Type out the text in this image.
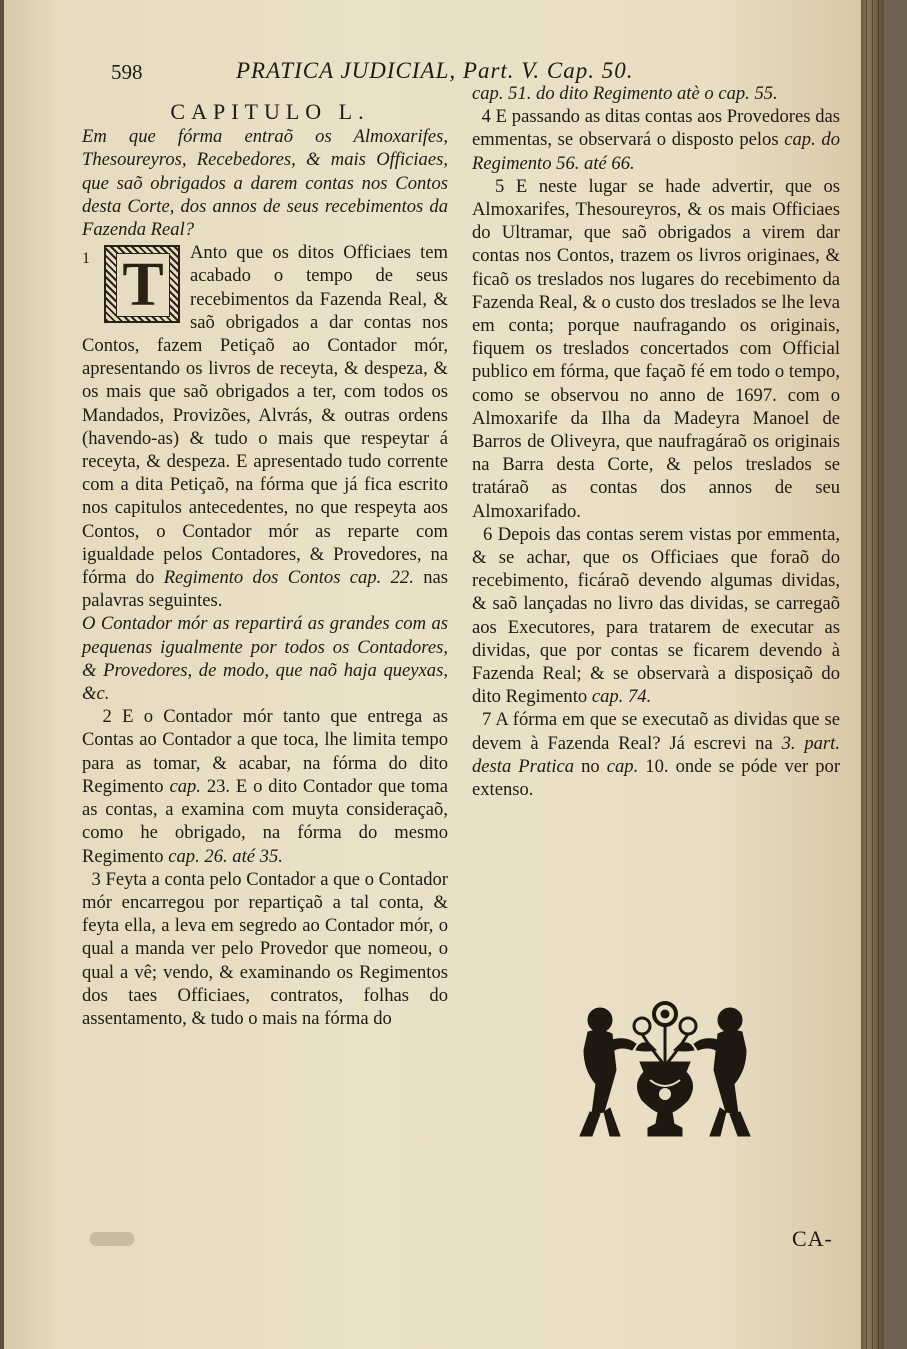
598	PRATICA JUDICIAL, Part. V. Cap. 50.
CAPITULO L.

Em que fórma entraõ os Almoxarifes, Thesoureyros, Recebedores, & mais Officiaes, que saõ obrigados a darem contas nos Contos desta Corte, dos annos de seus recebimentos da Fazenda Real?

1 T	Anto que os ditos Officiaes tem acabado o tempo de seus recebimentos da Fazenda Real, & saõ obrigados a dar contas nos Contos, fazem Petiçaõ ao Contador mór, apresentando os livros de receyta, & despeza, & os mais que saõ obrigados a ter, com todos os Mandados, Provizões, Alvrás, & outras ordens (havendo-as) & tudo o mais que respeytar á receyta, & despeza. E apresentado tudo corrente com a dita Petiçaõ, na fórma que já fica escrito nos capitulos antecedentes, no que respeyta aos Contos, o Contador mór as reparte com igualdade pelos Contadores, & Provedores, na fórma do Regimento dos Contos cap. 22. nas palavras seguintes.

O Contador mór as repartirá as grandes com as pequenas igualmente por todos os Contadores, & Provedores, de modo, que naõ haja queyxas, &c.

2 E o Contador mór tanto que entrega as Contas ao Contador a que toca, lhe limita tempo para as tomar, & acabar, na fórma do dito Regimento cap. 23. E o dito Contador que toma as contas, a examina com muyta consideraçaõ, como he obrigado, na fórma do mesmo Regimento cap. 26. até 35.

3 Feyta a conta pelo Contador a que o Contador mór encarregou por repartiçaõ a tal conta, & feyta ella, a leva em segredo ao Contador mór, o qual a manda ver pelo Provedor que nomeou, o qual a vê; vendo, & examinando os Regimentos dos taes Officiaes, contratos, folhas do assentamento, & tudo o mais na fórma do

cap. 51. do dito Regimento atè o cap. 55.

4 E passando as ditas contas aos Provedores das emmentas, se observará o disposto pelos cap. do Regimento 56. até 66.

5 E neste lugar se hade advertir, que os Almoxarifes, Thesoureyros, & os mais Officiaes do Ultramar, que saõ obrigados a virem dar contas nos Contos, trazem os livros originaes, & ficaõ os treslados nos lugares do recebimento da Fazenda Real, & o custo dos treslados se lhe leva em conta; porque naufragando os originais, fiquem os treslados concertados com Official publico em fórma, que façaõ fé em todo o tempo, como se observou no anno de 1697. com o Almoxarife da Ilha da Madeyra Manoel de Barros de Oliveyra, que naufragáraõ os originais na Barra desta Corte, & pelos treslados se tratáraõ as contas dos annos de seu Almoxarifado.

6 Depois das contas serem vistas por emmenta, & se achar, que os Officiaes que foraõ do recebimento, ficáraõ devendo algumas dividas, & saõ lançadas no livro das dividas, se carregaõ aos Executores, para tratarem de executar as dividas, que por contas se ficarem devendo à Fazenda Real; & se observarà a disposiçaõ do dito Regimento cap. 74.

7 A fórma em que se executaõ as dividas que se devem à Fazenda Real? Já escrevi na 3. part. desta Pratica no cap. 10. onde se póde ver por extenso.

CA-
